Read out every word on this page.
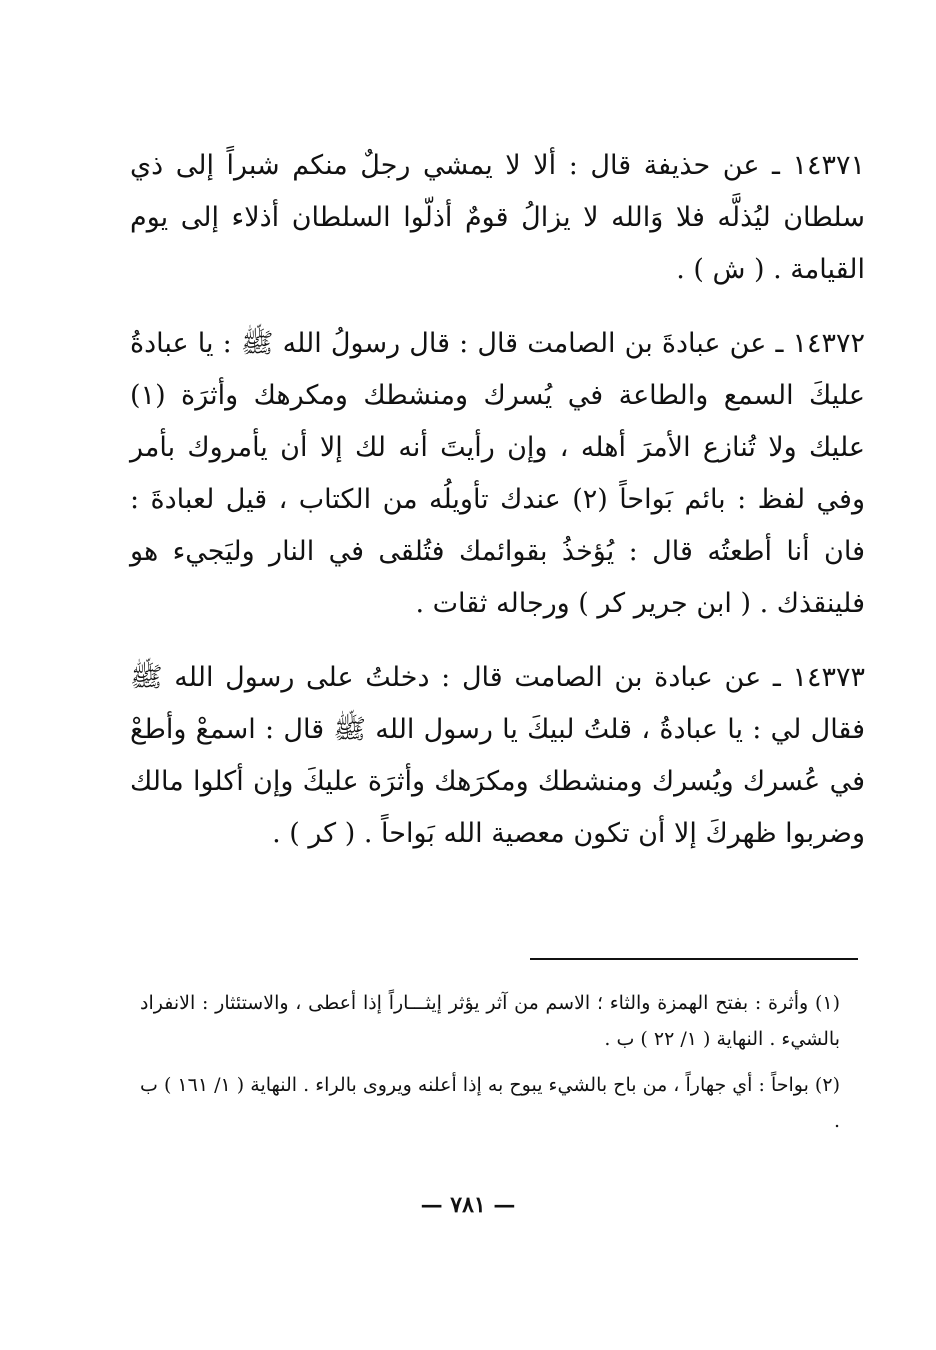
١٤٣٧١ ـ عن حذيفة قال : ألا لا يمشي رجلٌ منكم شبراً إلى ذي سلطان ليُذلَّه فلا وَالله لا يزالُ قومٌ أذلّوا السلطان أذلاء إلى يوم القيامة . ( ش ) .

١٤٣٧٢ ـ عن عبادةَ بن الصامت قال : قال رسولُ الله ﷺ : يا عبادةُ عليكَ السمع والطاعة في يُسرك ومنشطك ومكرهك وأثرَة (١) عليك ولا تُنازع الأمرَ أهله ، وإن رأيتَ أنه لك إلا أن يأمروك بأمر وفي لفظ : بائم بَواحاً (٢) عندك تأويلُه من الكتاب ، قيل لعبادةَ : فان أنا أطعتُه قال : يُؤخذُ بقوائمك فتُلقى في النار وليَجيء هو فلينقذك . ( ابن جرير كر ) ورجاله ثقات .

١٤٣٧٣ ـ عن عبادة بن الصامت قال : دخلتُ على رسول الله ﷺ فقال لي : يا عبادةُ ، قلتُ لبيكَ يا رسول الله ﷺ قال : اسمعْ وأطعْ في عُسرك ويُسرك ومنشطك ومكرَهك وأثرَة عليكَ وإن أكلوا مالك وضربوا ظهركَ إلا أن تكون معصية الله بَواحاً . ( كر ) .

(١) وأثرة : بفتح الهمزة والثاء ؛ الاسم من آثر يؤثر إيثـــاراً إذا أعطى ، والاستئثار : الانفراد بالشيء . النهاية ( ١/ ٢٢ ) ب .

(٢) بواحاً : أي جهاراً ، من باح بالشيء يبوح به إذا أعلنه ويروى بالراء . النهاية ( ١/ ١٦١ ) ب .

— ٧٨١ —
